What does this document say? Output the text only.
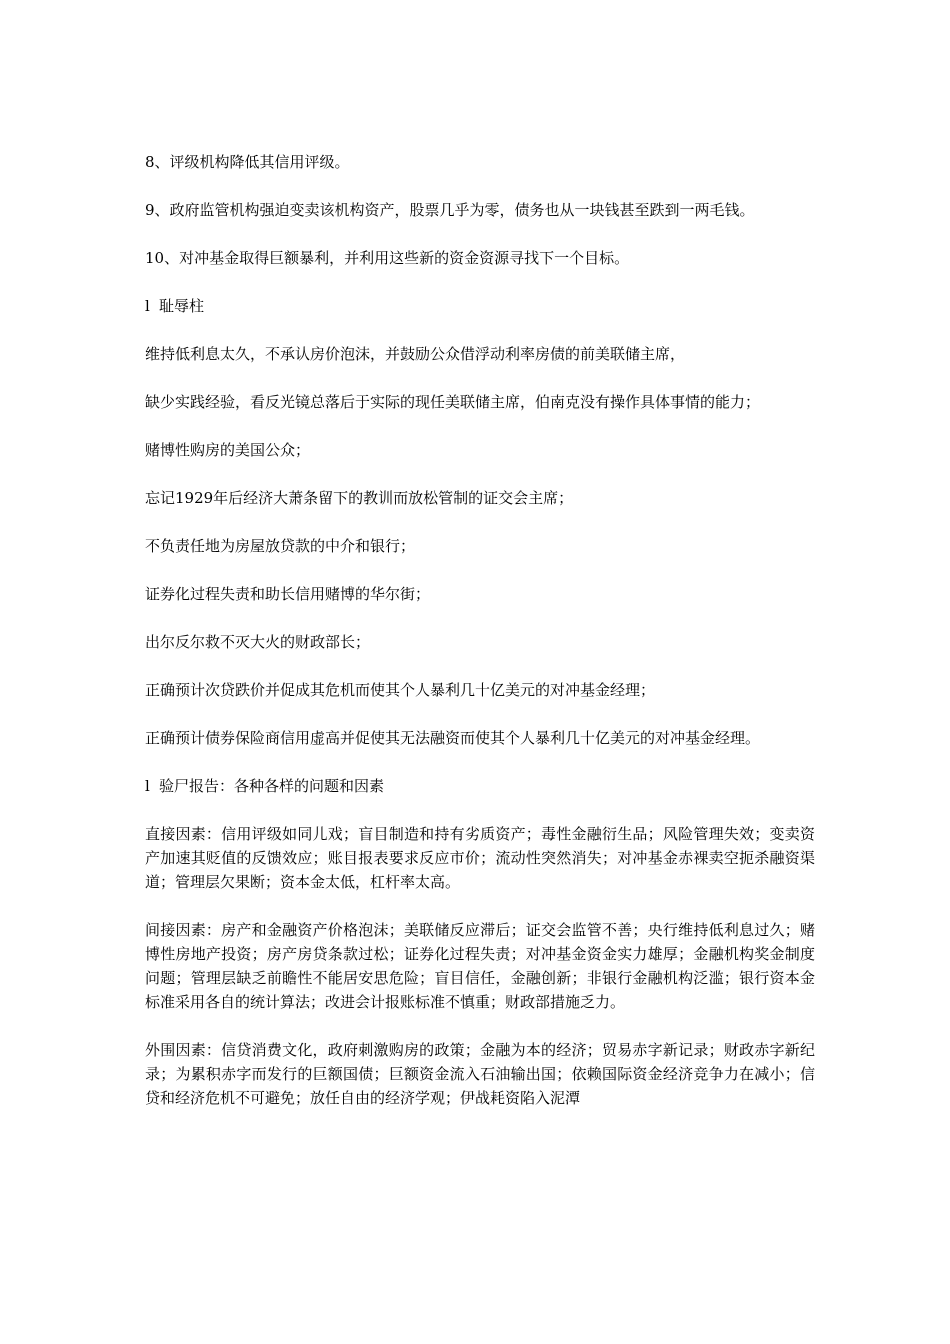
8、评级机构降低其信用评级。

9、政府监管机构强迫变卖该机构资产，股票几乎为零，债务也从一块钱甚至跌到一两毛钱。

10、对冲基金取得巨额暴利，并利用这些新的资金资源寻找下一个目标。

l 耻辱柱

维持低利息太久，不承认房价泡沫，并鼓励公众借浮动利率房债的前美联储主席，

缺少实践经验，看反光镜总落后于实际的现任美联储主席，伯南克没有操作具体事情的能力；

赌博性购房的美国公众；

忘记1929年后经济大萧条留下的教训而放松管制的证交会主席；

不负责任地为房屋放贷款的中介和银行；

证券化过程失责和助长信用赌博的华尔街；

出尔反尔救不灭大火的财政部长；

正确预计次贷跌价并促成其危机而使其个人暴利几十亿美元的对冲基金经理；

正确预计债券保险商信用虚高并促使其无法融资而使其个人暴利几十亿美元的对冲基金经理。

l 验尸报告：各种各样的问题和因素

直接因素：信用评级如同儿戏；盲目制造和持有劣质资产；毒性金融衍生品；风险管理失效；变卖资产加速其贬值的反馈效应；账目报表要求反应市价；流动性突然消失；对冲基金赤裸卖空扼杀融资渠道；管理层欠果断；资本金太低，杠杆率太高。

间接因素：房产和金融资产价格泡沫；美联储反应滞后；证交会监管不善；央行维持低利息过久；赌博性房地产投资；房产房贷条款过松；证券化过程失责；对冲基金资金实力雄厚；金融机构奖金制度问题；管理层缺乏前瞻性不能居安思危险；盲目信任，金融创新；非银行金融机构泛滥；银行资本金标准采用各自的统计算法；改进会计报账标准不慎重；财政部措施乏力。

外围因素：信贷消费文化，政府刺激购房的政策；金融为本的经济；贸易赤字新记录；财政赤字新纪录；为累积赤字而发行的巨额国债；巨额资金流入石油输出国；依赖国际资金经济竞争力在减小；信贷和经济危机不可避免；放任自由的经济学观；伊战耗资陷入泥潭
